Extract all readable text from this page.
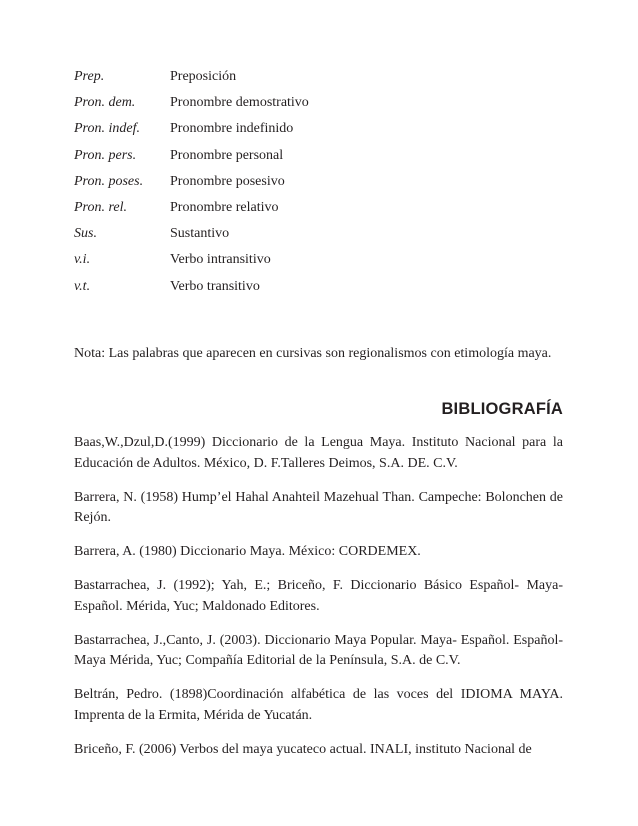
Prep.	Preposición
Pron. dem.	Pronombre demostrativo
Pron. indef.	Pronombre indefinido
Pron. pers.	Pronombre personal
Pron. poses.	Pronombre posesivo
Pron. rel.	Pronombre relativo
Sus.	Sustantivo
v.i.	Verbo intransitivo
v.t.	Verbo transitivo

Nota: Las palabras que aparecen en cursivas son regionalismos con etimología maya.

BIBLIOGRAFÍA

Baas,W.,Dzul,D.(1999) Diccionario de la Lengua Maya. Instituto Nacional para la Educación de Adultos. México, D. F.Talleres Deimos, S.A. DE. C.V.

Barrera, N. (1958) Hump’el Hahal Anahteil Mazehual Than. Campeche: Bolonchen de Rejón.

Barrera, A. (1980) Diccionario Maya. México: CORDEMEX.

Bastarrachea, J. (1992); Yah, E.; Briceño, F. Diccionario Básico Español- Maya-Español. Mérida, Yuc; Maldonado Editores.

Bastarrachea, J.,Canto, J. (2003). Diccionario Maya Popular. Maya- Español. Español-Maya Mérida, Yuc; Compañía Editorial de la Península, S.A. de C.V.

Beltrán, Pedro. (1898)Coordinación alfabética de las voces del IDIOMA MAYA. Imprenta de la Ermita, Mérida de Yucatán.

Briceño, F. (2006) Verbos del maya yucateco actual. INALI, instituto Nacional de
